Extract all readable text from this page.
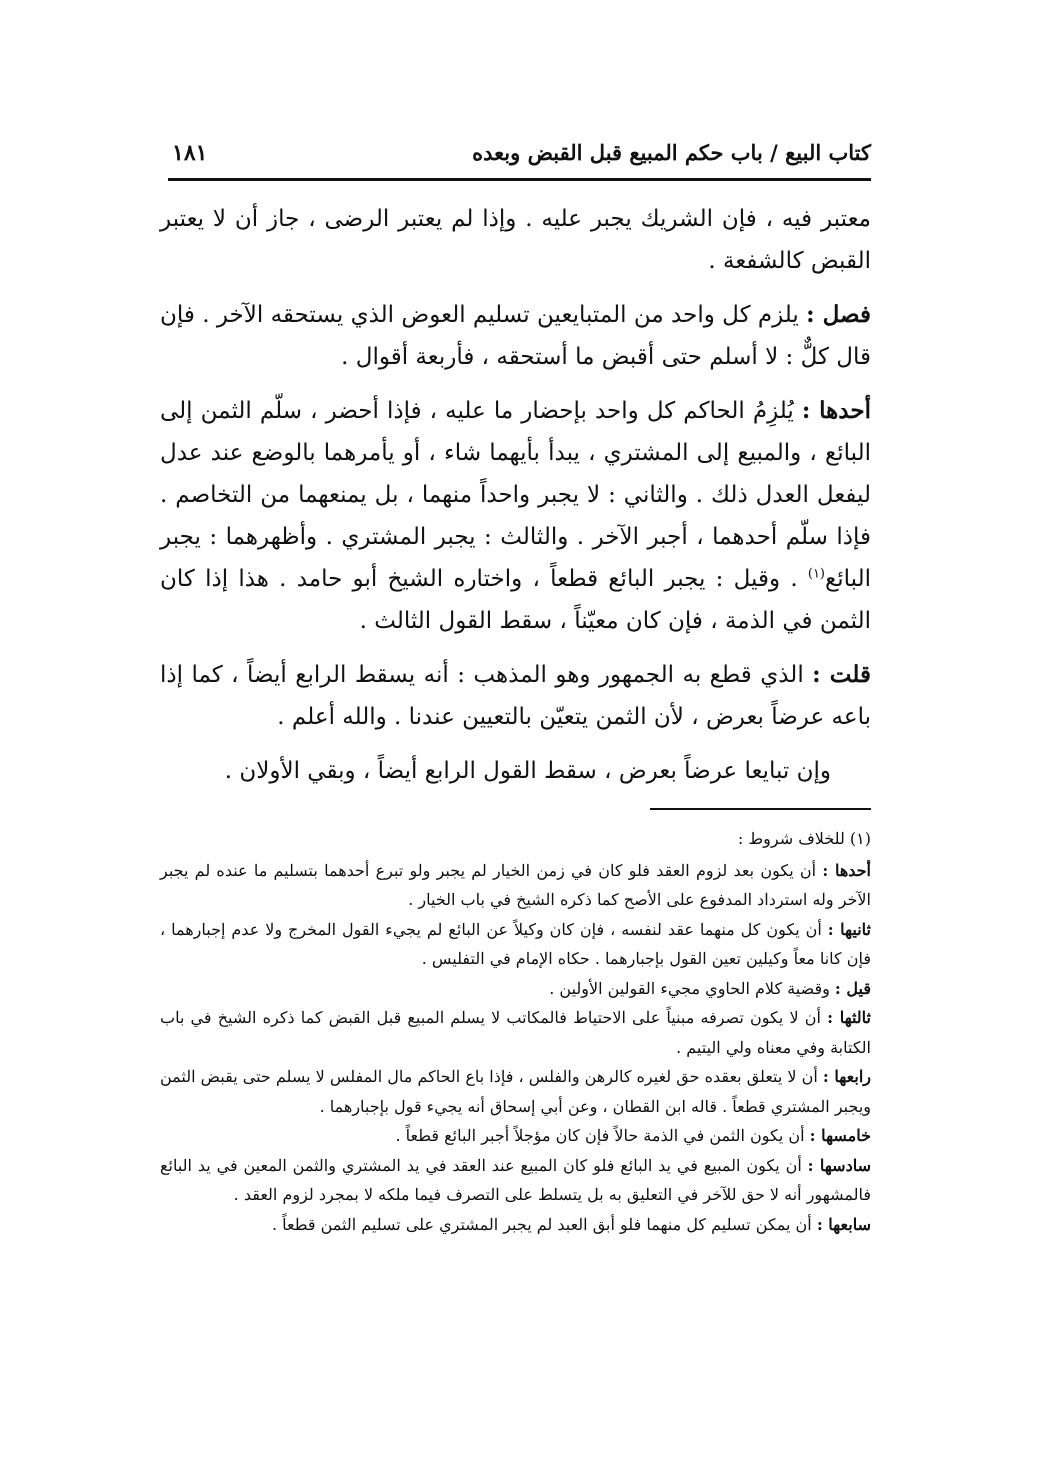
كتاب البيع / باب حكم المبيع قبل القبض وبعده
١٨١

معتبر فيه ، فإن الشريك يجبر عليه . وإذا لم يعتبر الرضى ، جاز أن لا يعتبر القبض كالشفعة .

فصل : يلزم كل واحد من المتبايعين تسليم العوض الذي يستحقه الآخر . فإن قال كلٌّ : لا أسلم حتى أقبض ما أستحقه ، فأربعة أقوال .

أحدها : يُلزِمُ الحاكم كل واحد بإحضار ما عليه ، فإذا أحضر ، سلّم الثمن إلى البائع ، والمبيع إلى المشتري ، يبدأ بأيهما شاء ، أو يأمرهما بالوضع عند عدل ليفعل العدل ذلك . والثاني : لا يجبر واحداً منهما ، بل يمنعهما من التخاصم . فإذا سلّم أحدهما ، أجبر الآخر . والثالث : يجبر المشتري . وأظهرهما : يجبر البائع$^{(١)}$ . وقيل : يجبر البائع قطعاً ، واختاره الشيخ أبو حامد . هذا إذا كان الثمن في الذمة ، فإن كان معيّناً ، سقط القول الثالث .

قلت : الذي قطع به الجمهور وهو المذهب : أنه يسقط الرابع أيضاً ، كما إذا باعه عرضاً بعرض ، لأن الثمن يتعيّن بالتعيين عندنا . والله أعلم .

وإن تبايعا عرضاً بعرض ، سقط القول الرابع أيضاً ، وبقي الأولان .

(١) للخلاف شروط :

أحدها : أن يكون بعد لزوم العقد فلو كان في زمن الخيار لم يجبر ولو تبرع أحدهما بتسليم ما عنده لم يجبر الآخر وله استرداد المدفوع على الأصح كما ذكره الشيخ في باب الخيار .

ثانيها : أن يكون كل منهما عقد لنفسه ، فإن كان وكيلاً عن البائع لم يجيء القول المخرج ولا عدم إجبارهما ، فإن كانا معاً وكيلين تعين القول بإجبارهما . حكاه الإمام في التفليس .

قيل : وقضية كلام الحاوي مجيء القولين الأولين .

ثالثها : أن لا يكون تصرفه مبنياً على الاحتياط فالمكاتب لا يسلم المبيع قبل القبض كما ذكره الشيخ في باب الكتابة وفي معناه ولي اليتيم .

رابعها : أن لا يتعلق بعقده حق لغيره كالرهن والفلس ، فإذا باع الحاكم مال المفلس لا يسلم حتى يقبض الثمن ويجبر المشتري قطعاً . قاله ابن القطان ، وعن أبي إسحاق أنه يجيء قول بإجبارهما .

خامسها : أن يكون الثمن في الذمة حالاً فإن كان مؤجلاً أجبر البائع قطعاً .

سادسها : أن يكون المبيع في يد البائع فلو كان المبيع عند العقد في يد المشتري والثمن المعين في يد البائع فالمشهور أنه لا حق للآخر في التعليق به بل يتسلط على التصرف فيما ملكه لا بمجرد لزوم العقد .

سابعها : أن يمكن تسليم كل منهما فلو أبق العبد لم يجبر المشتري على تسليم الثمن قطعاً .
